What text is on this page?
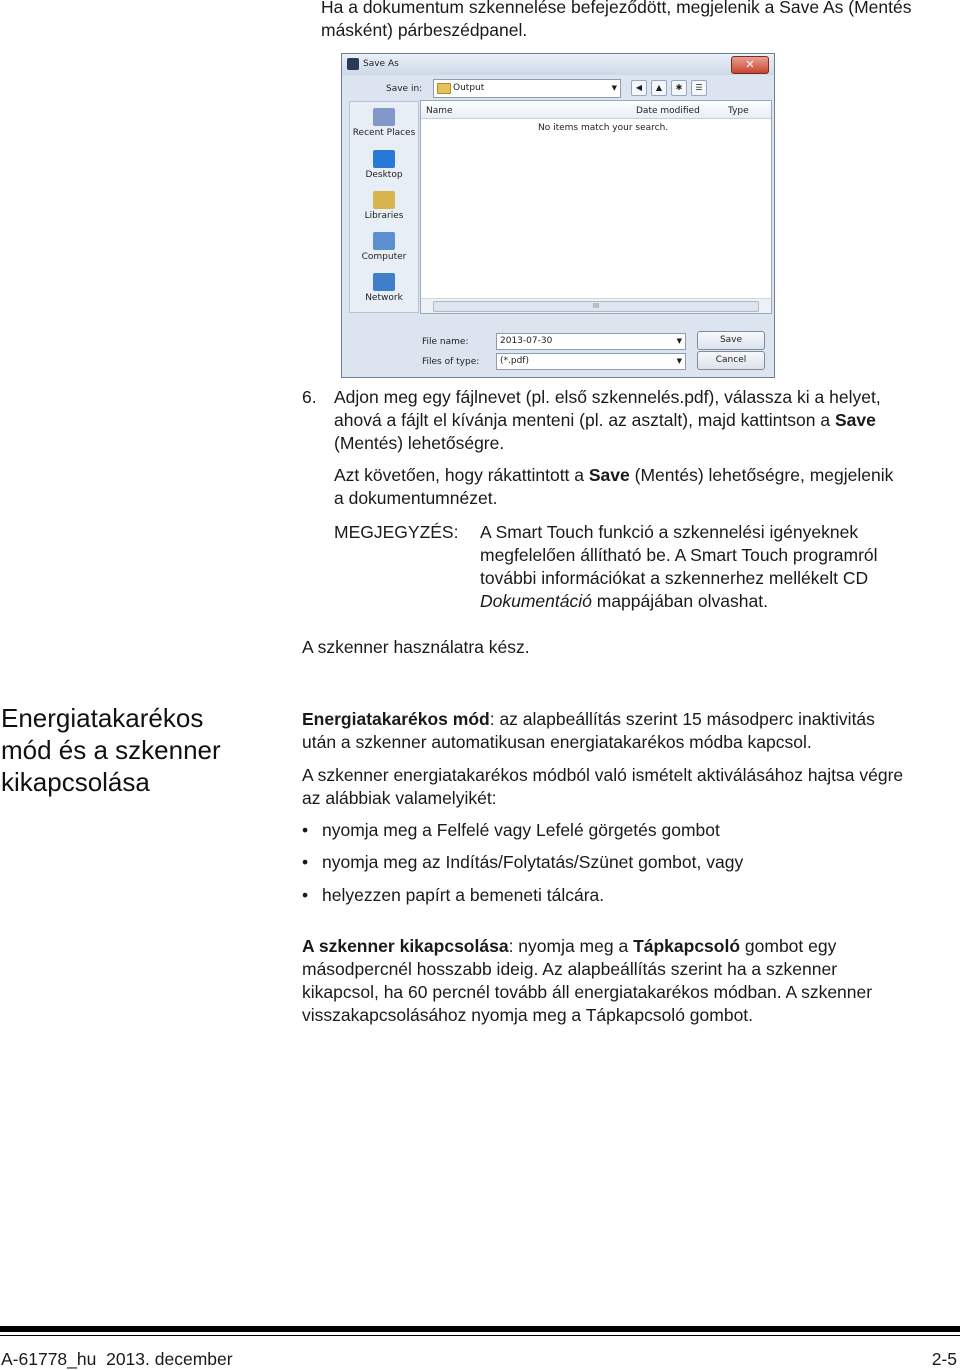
Ha a dokumentum szkennelése befejeződött, megjelenik a Save As (Mentés
másként) párbeszédpanel.
Save As	✕
Save in:	Output	▼	◀ ▲ ✱ ☰
Recent Places
Desktop
Libraries
Computer
Network
Name	Date modified	Type
No items match your search.
III
File name:	2013-07-30	▼
Files of type: (*.pdf)	▼
Save
Cancel
6. Adjon meg egy fájlnevet (pl. első szkennelés.pdf), válassza ki a helyet,
ahová a fájlt el kívánja menteni (pl. az asztalt), majd kattintson a Save
(Mentés) lehetőségre.
Azt követően, hogy rákattintott a Save (Mentés) lehetőségre, megjelenik
a dokumentumnézet.
MEGJEGYZÉS: A Smart Touch funkció a szkennelési igényeknek
megfelelően állítható be. A Smart Touch programról
további információkat a szkennerhez mellékelt CD
Dokumentáció mappájában olvashat.
A szkenner használatra kész.
Energiatakarékos
mód és a szkenner
kikapcsolása
Energiatakarékos mód: az alapbeállítás szerint 15 másodperc inaktivitás
után a szkenner automatikusan energiatakarékos módba kapcsol.
A szkenner energiatakarékos módból való ismételt aktiválásához hajtsa végre
az alábbiak valamelyikét:
• nyomja meg a Felfelé vagy Lefelé görgetés gombot
• nyomja meg az Indítás/Folytatás/Szünet gombot, vagy
• helyezzen papírt a bemeneti tálcára.
A szkenner kikapcsolása: nyomja meg a Tápkapcsoló gombot egy
másodpercnél hosszabb ideig. Az alapbeállítás szerint ha a szkenner
kikapcsol, ha 60 percnél tovább áll energiatakarékos módban. A szkenner
visszakapcsolásához nyomja meg a Tápkapcsoló gombot.
A-61778_hu  2013. december	2-5
